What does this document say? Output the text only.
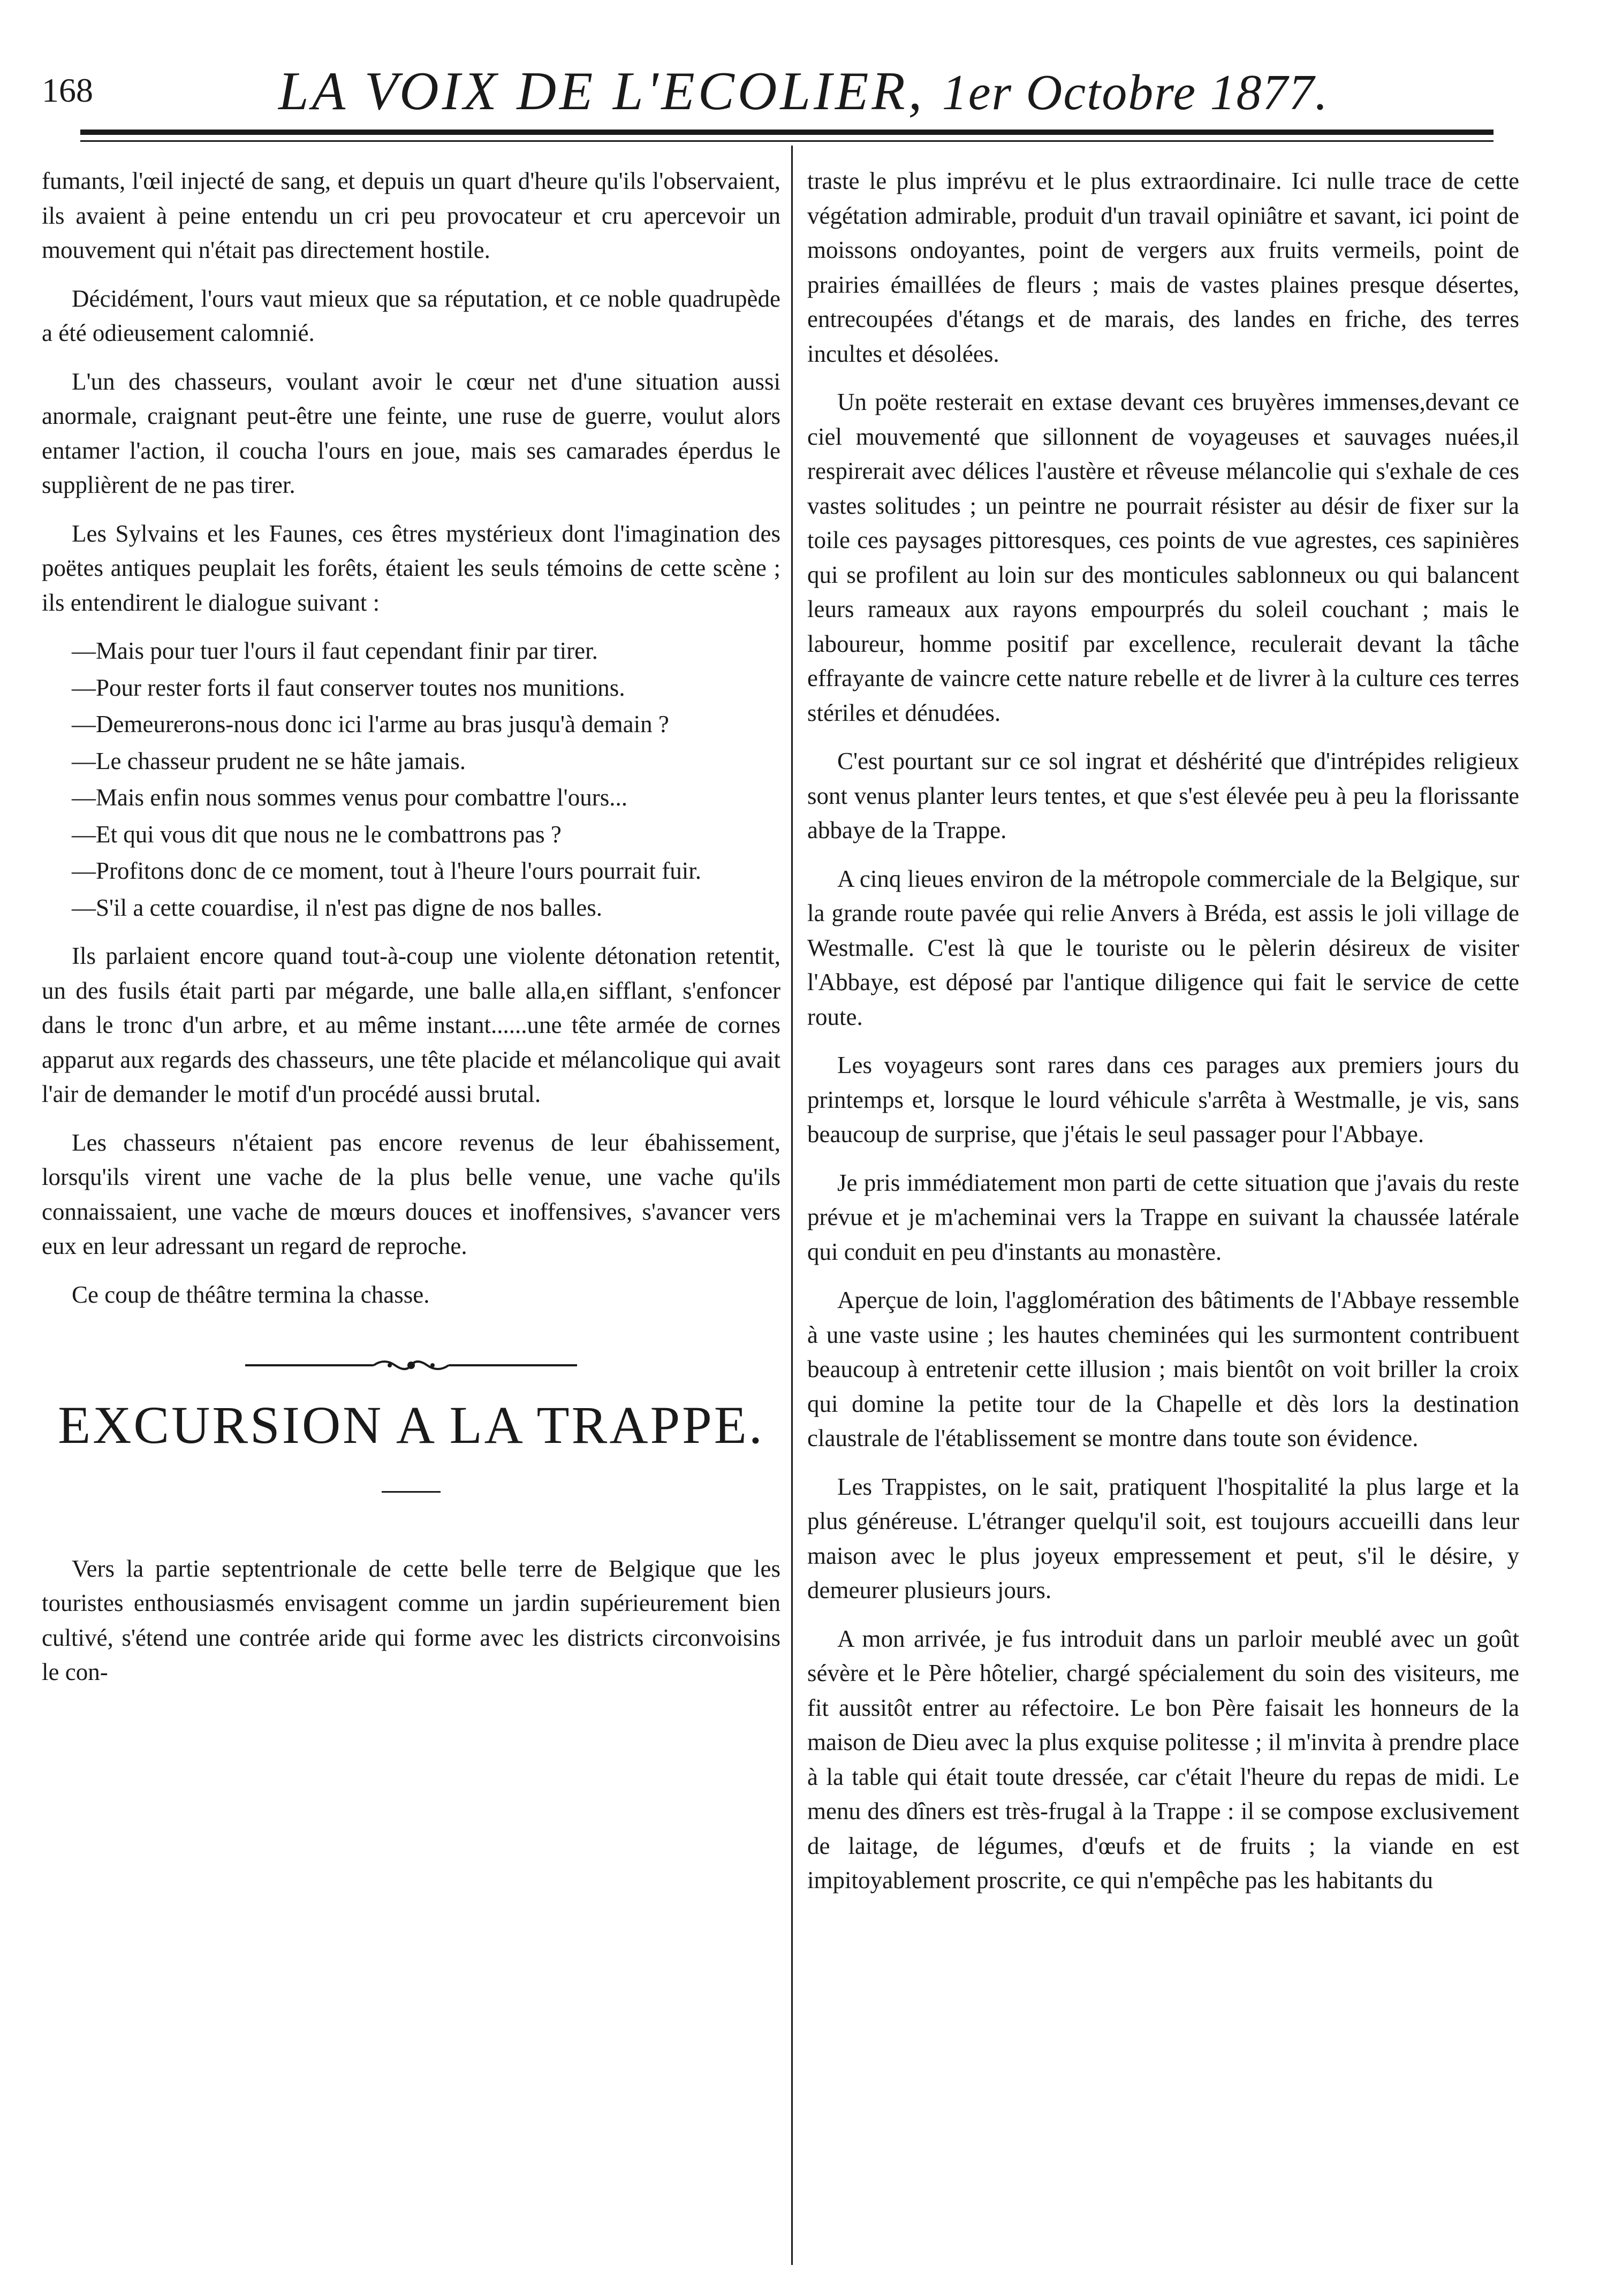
168	LA VOIX DE L'ECOLIER, 1er Octobre 1877.

fumants, l'œil injecté de sang, et depuis un quart d'heure qu'ils l'observaient, ils avaient à peine entendu un cri peu provocateur et cru apercevoir un mouvement qui n'était pas directement hostile.

Décidément, l'ours vaut mieux que sa réputation, et ce noble quadrupède a été odieusement calomnié.

L'un des chasseurs, voulant avoir le cœur net d'une situation aussi anormale, craignant peut-être une feinte, une ruse de guerre, voulut alors entamer l'action, il coucha l'ours en joue, mais ses camarades éperdus le supplièrent de ne pas tirer.

Les Sylvains et les Faunes, ces êtres mystérieux dont l'imagination des poëtes antiques peuplait les forêts, étaient les seuls témoins de cette scène ; ils entendirent le dialogue suivant :

—Mais pour tuer l'ours il faut cependant finir par tirer.

—Pour rester forts il faut conserver toutes nos munitions.

—Demeurerons-nous donc ici l'arme au bras jusqu'à demain ?

—Le chasseur prudent ne se hâte jamais.

—Mais enfin nous sommes venus pour combattre l'ours...

—Et qui vous dit que nous ne le combattrons pas ?

—Profitons donc de ce moment, tout à l'heure l'ours pourrait fuir.

—S'il a cette couardise, il n'est pas digne de nos balles.

Ils parlaient encore quand tout-à-coup une violente détonation retentit, un des fusils était parti par mégarde, une balle alla,en sifflant, s'enfoncer dans le tronc d'un arbre, et au même instant......une tête armée de cornes apparut aux regards des chasseurs, une tête placide et mélancolique qui avait l'air de demander le motif d'un procédé aussi brutal.

Les chasseurs n'étaient pas encore revenus de leur ébahissement, lorsqu'ils virent une vache de la plus belle venue, une vache qu'ils connaissaient, une vache de mœurs douces et inoffensives, s'avancer vers eux en leur adressant un regard de reproche.

Ce coup de théâtre termina la chasse.

EXCURSION A LA TRAPPE.

Vers la partie septentrionale de cette belle terre de Belgique que les touristes enthousiasmés envisagent comme un jardin supérieurement bien cultivé, s'étend une contrée aride qui forme avec les districts circonvoisins le con-

traste le plus imprévu et le plus extraordinaire. Ici nulle trace de cette végétation admirable, produit d'un travail opiniâtre et savant, ici point de moissons ondoyantes, point de vergers aux fruits vermeils, point de prairies émaillées de fleurs ; mais de vastes plaines presque désertes, entrecoupées d'étangs et de marais, des landes en friche, des terres incultes et désolées.

Un poëte resterait en extase devant ces bruyères immenses,devant ce ciel mouvementé que sillonnent de voyageuses et sauvages nuées,il respirerait avec délices l'austère et rêveuse mélancolie qui s'exhale de ces vastes solitudes ; un peintre ne pourrait résister au désir de fixer sur la toile ces paysages pittoresques, ces points de vue agrestes, ces sapinières qui se profilent au loin sur des monticules sablonneux ou qui balancent leurs rameaux aux rayons empourprés du soleil couchant ; mais le laboureur, homme positif par excellence, reculerait devant la tâche effrayante de vaincre cette nature rebelle et de livrer à la culture ces terres stériles et dénudées.

C'est pourtant sur ce sol ingrat et déshérité que d'intrépides religieux sont venus planter leurs tentes, et que s'est élevée peu à peu la florissante abbaye de la Trappe.

A cinq lieues environ de la métropole commerciale de la Belgique, sur la grande route pavée qui relie Anvers à Bréda, est assis le joli village de Westmalle. C'est là que le touriste ou le pèlerin désireux de visiter l'Abbaye, est déposé par l'antique diligence qui fait le service de cette route.

Les voyageurs sont rares dans ces parages aux premiers jours du printemps et, lorsque le lourd véhicule s'arrêta à Westmalle, je vis, sans beaucoup de surprise, que j'étais le seul passager pour l'Abbaye.

Je pris immédiatement mon parti de cette situation que j'avais du reste prévue et je m'acheminai vers la Trappe en suivant la chaussée latérale qui conduit en peu d'instants au monastère.

Aperçue de loin, l'agglomération des bâtiments de l'Abbaye ressemble à une vaste usine ; les hautes cheminées qui les surmontent contribuent beaucoup à entretenir cette illusion ; mais bientôt on voit briller la croix qui domine la petite tour de la Chapelle et dès lors la destination claustrale de l'établissement se montre dans toute son évidence.

Les Trappistes, on le sait, pratiquent l'hospitalité la plus large et la plus généreuse. L'étranger quelqu'il soit, est toujours accueilli dans leur maison avec le plus joyeux empressement et peut, s'il le désire, y demeurer plusieurs jours.

A mon arrivée, je fus introduit dans un parloir meublé avec un goût sévère et le Père hôtelier, chargé spécialement du soin des visiteurs, me fit aussitôt entrer au réfectoire. Le bon Père faisait les honneurs de la maison de Dieu avec la plus exquise politesse ; il m'invita à prendre place à la table qui était toute dressée, car c'était l'heure du repas de midi. Le menu des dîners est très-frugal à la Trappe : il se compose exclusivement de laitage, de légumes, d'œufs et de fruits ; la viande en est impitoyablement proscrite, ce qui n'empêche pas les habitants du
